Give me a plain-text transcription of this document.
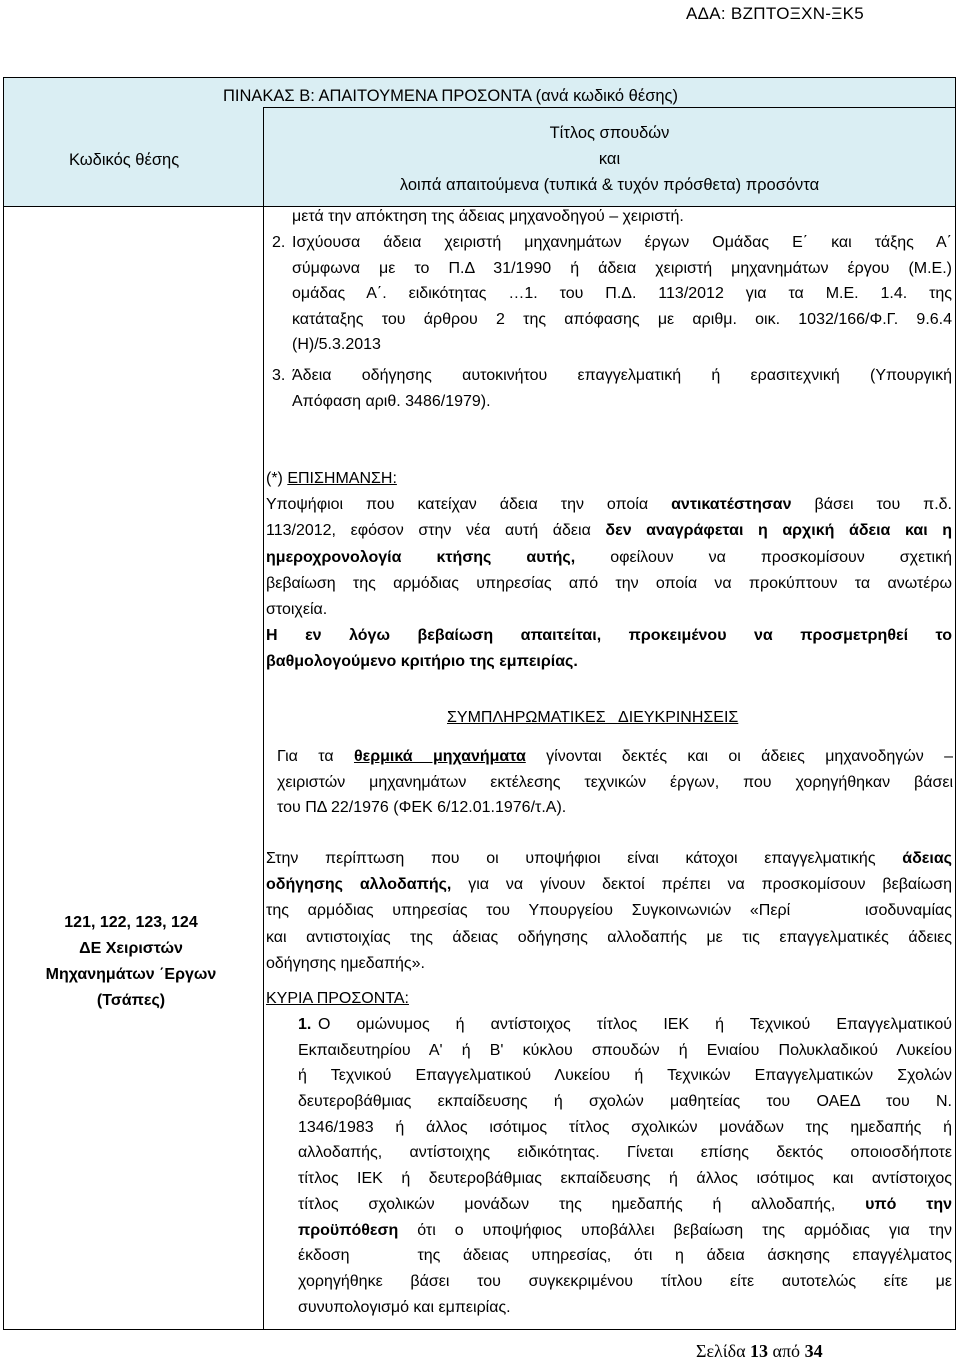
ΑΔΑ: ΒΖΠΤΟΞΧΝ-ΞΚ5
ΠΙΝΑΚΑΣ Β: ΑΠΑΙΤΟΥΜΕΝΑ ΠΡΟΣΟΝΤΑ (ανά κωδικό θέσης)
Κωδικός θέσης
Τίτλος σπουδών
και
λοιπά απαιτούμενα (τυπικά & τυχόν πρόσθετα) προσόντα
μετά την απόκτηση της άδειας μηχανοδηγού – χειριστή.
2. Ισχύουσα άδεια χειριστή μηχανημάτων έργων Ομάδας Ε΄ και τάξης Α΄
σύμφωνα με το Π.Δ 31/1990 ή άδεια χειριστή μηχανημάτων έργου (Μ.Ε.)
ομάδας Α΄. ειδικότητας …1. του Π.Δ. 113/2012 για τα Μ.Ε. 1.4. της
κατάταξης του άρθρου 2 της απόφασης με αριθμ. οικ. 1032/166/Φ.Γ. 9.6.4
(Η)/5.3.2013
3. Άδεια οδήγησης αυτοκινήτου επαγγελματική ή ερασιτεχνική (Υπουργική
Απόφαση αριθ. 3486/1979).
(*) ΕΠΙΣΗΜΑΝΣΗ:
Υποψήφιοι που κατείχαν άδεια την οποία αντικατέστησαν βάσει του π.δ.
113/2012, εφόσον στην νέα αυτή άδεια δεν αναγράφεται η αρχική άδεια και η
ημεροχρονολογία κτήσης αυτής, οφείλουν να προσκομίσουν σχετική
βεβαίωση της αρμόδιας υπηρεσίας από την οποία να προκύπτουν τα ανωτέρω
στοιχεία.
Η εν λόγω βεβαίωση απαιτείται, προκειμένου να προσμετρηθεί το
βαθμολογούμενο κριτήριο της εμπειρίας.
ΣΥΜΠΛΗΡΩΜΑΤΙΚΕΣ   ΔΙΕΥΚΡΙΝΗΣΕΙΣ
Για τα θερμικά μηχανήματα γίνονται δεκτές και οι άδειες μηχανοδηγών –
χειριστών μηχανημάτων εκτέλεσης τεχνικών έργων, που χορηγήθηκαν βάσει
του ΠΔ 22/1976 (ΦΕΚ 6/12.01.1976/τ.Α).
Στην περίπτωση που οι υποψήφιοι είναι κάτοχοι επαγγελματικής άδειας
οδήγησης αλλοδαπής, για να γίνουν δεκτοί πρέπει να προσκομίσουν βεβαίωση
της αρμόδιας υπηρεσίας του Υπουργείου Συγκοινωνιών «Περί    ισοδυναμίας
και αντιστοιχίας της άδειας οδήγησης αλλοδαπής με τις επαγγελματικές άδειες
οδήγησης ημεδαπής».
121, 122, 123, 124
ΔΕ Χειριστών
Μηχανημάτων ΄Εργων
(Τσάπες)	ΚΥΡΙΑ ΠΡΟΣΟΝΤΑ:
1. Ο ομώνυμος ή αντίστοιχος τίτλος ΙΕΚ ή Τεχνικού Επαγγελματικού
Εκπαιδευτηρίου Α' ή Β' κύκλου σπουδών ή Ενιαίου Πολυκλαδικού Λυκείου
ή Τεχνικού Επαγγελματικού Λυκείου ή Τεχνικών Επαγγελματικών Σχολών
δευτεροβάθμιας εκπαίδευσης ή σχολών μαθητείας του ΟΑΕΔ του Ν.
1346/1983 ή άλλος ισότιμος τίτλος σχολικών μονάδων της ημεδαπής ή
αλλοδαπής, αντίστοιχης ειδικότητας. Γίνεται επίσης δεκτός οποιοσδήποτε
τίτλος ΙΕΚ ή δευτεροβάθμιας εκπαίδευσης ή άλλος ισότιμος και αντίστοιχος
τίτλος σχολικών μονάδων της ημεδαπής ή αλλοδαπής, υπό την
προϋπόθεση ότι ο υποψήφιος υποβάλλει βεβαίωση της αρμόδιας για την
έκδοση   της άδειας υπηρεσίας, ότι η άδεια άσκησης επαγγέλματος
χορηγήθηκε βάσει του συγκεκριμένου τίτλου είτε αυτοτελώς είτε με
συνυπολογισμό και εμπειρίας.
Σελίδα 13 από 34
